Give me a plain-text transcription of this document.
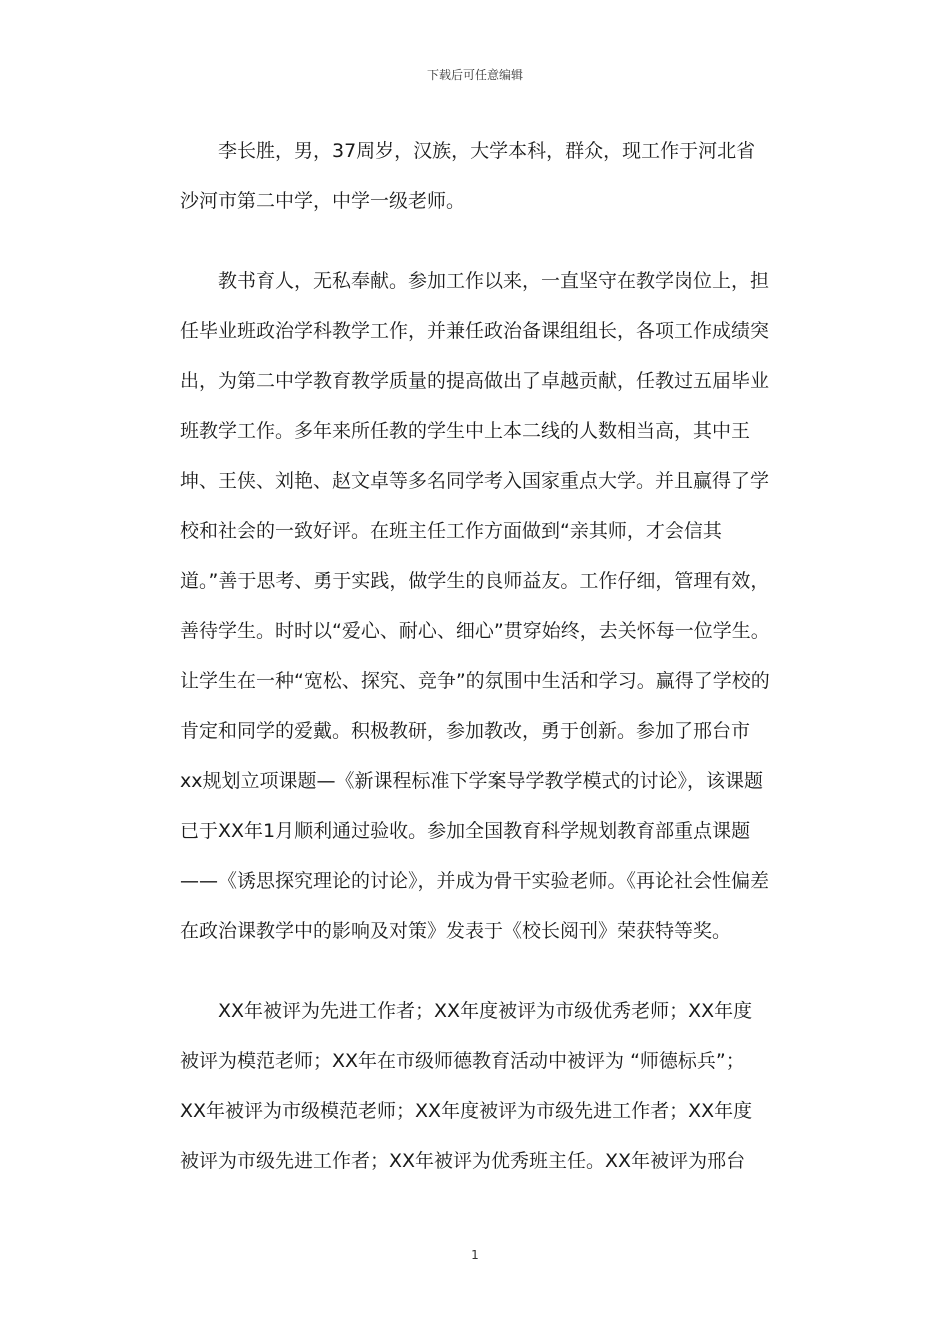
下载后可任意编辑

李长胜，男，37周岁，汉族，大学本科，群众，现工作于河北省沙河市第二中学，中学一级老师。

教书育人，无私奉献。参加工作以来，一直坚守在教学岗位上，担任毕业班政治学科教学工作，并兼任政治备课组组长，各项工作成绩突出，为第二中学教育教学质量的提高做出了卓越贡献，任教过五届毕业班教学工作。多年来所任教的学生中上本二线的人数相当高，其中王坤、王侠、刘艳、赵文卓等多名同学考入国家重点大学。并且赢得了学校和社会的一致好评。在班主任工作方面做到“亲其师，才会信其道。”善于思考、勇于实践，做学生的良师益友。工作仔细，管理有效，善待学生。时时以“爱心、耐心、细心”贯穿始终，去关怀每一位学生。让学生在一种“宽松、探究、竞争”的氛围中生活和学习。赢得了学校的肯定和同学的爱戴。积极教研，参加教改，勇于创新。参加了邢台市xx规划立项课题—《新课程标准下学案导学教学模式的讨论》，该课题已于XX年1月顺利通过验收。参加全国教育科学规划教育部重点课题——《诱思探究理论的讨论》，并成为骨干实验老师。《再论社会性偏差在政治课教学中的影响及对策》发表于《校长阅刊》荣获特等奖。

XX年被评为先进工作者；XX年度被评为市级优秀老师；XX年度被评为模范老师；XX年在市级师德教育活动中被评为 “师德标兵”；XX年被评为市级模范老师；XX年度被评为市级先进工作者；XX年度被评为市级先进工作者；XX年被评为优秀班主任。XX年被评为邢台

1
